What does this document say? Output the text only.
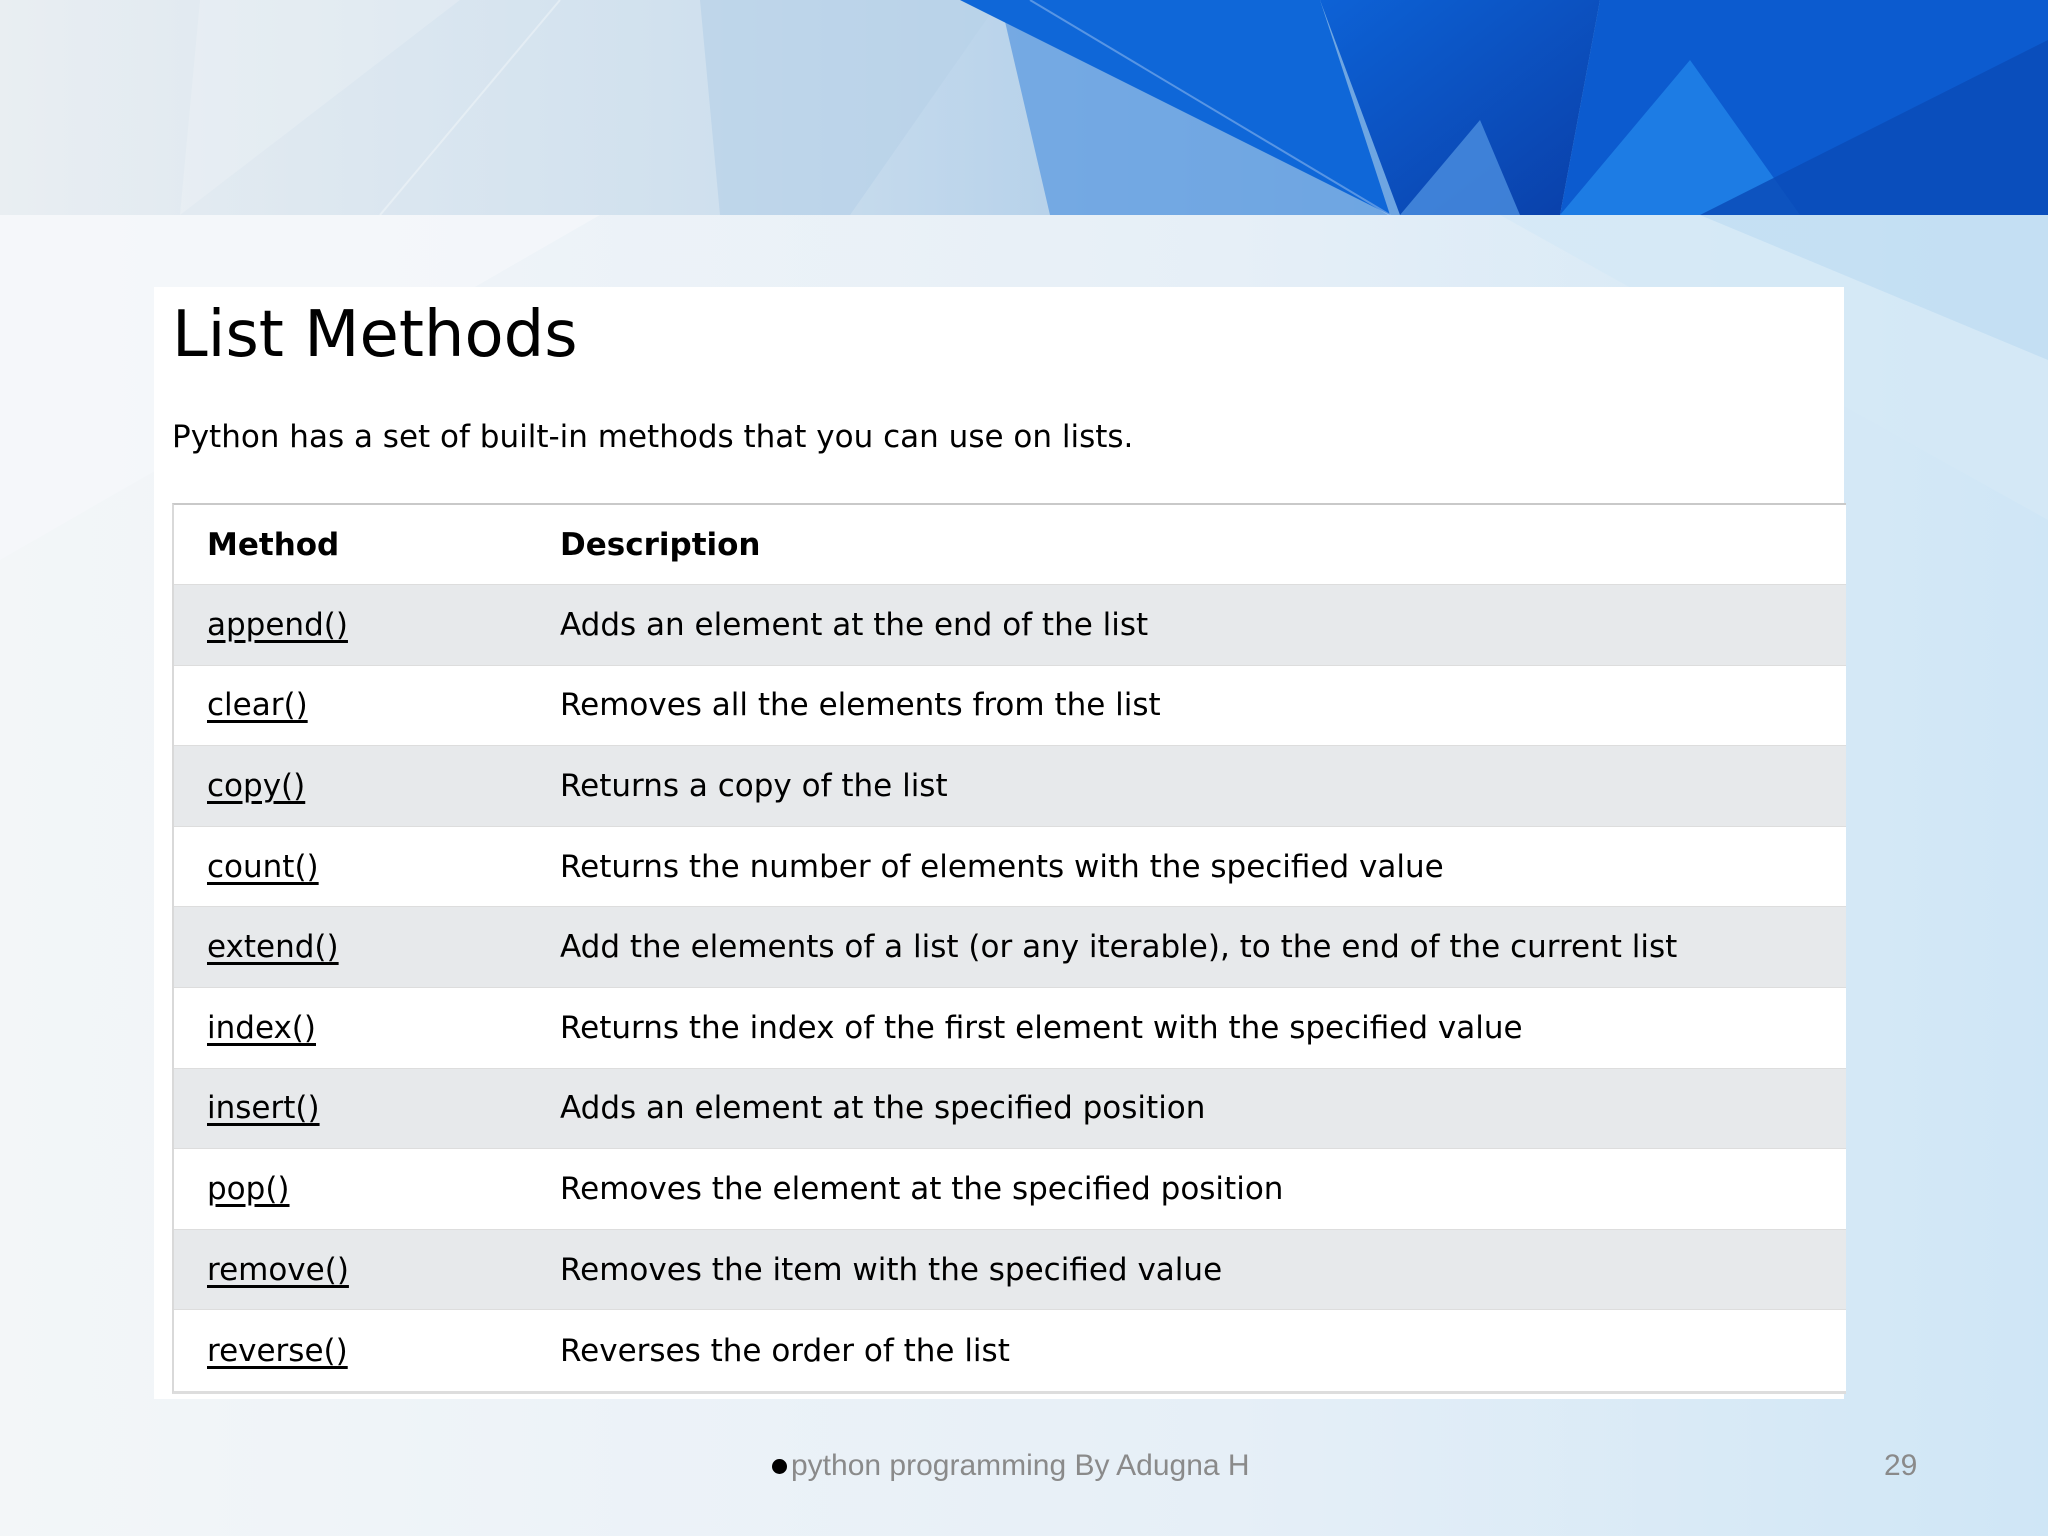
List Methods

Python has a set of built-in methods that you can use on lists.

Method	Description
append()	Adds an element at the end of the list
clear()	Removes all the elements from the list
copy()	Returns a copy of the list
count()	Returns the number of elements with the specified value
extend()	Add the elements of a list (or any iterable), to the end of the current list
index()	Returns the index of the first element with the specified value
insert()	Adds an element at the specified position
pop()	Removes the element at the specified position
remove()	Removes the item with the specified value
reverse()	Reverses the order of the list
python programming By Adugna H	29
